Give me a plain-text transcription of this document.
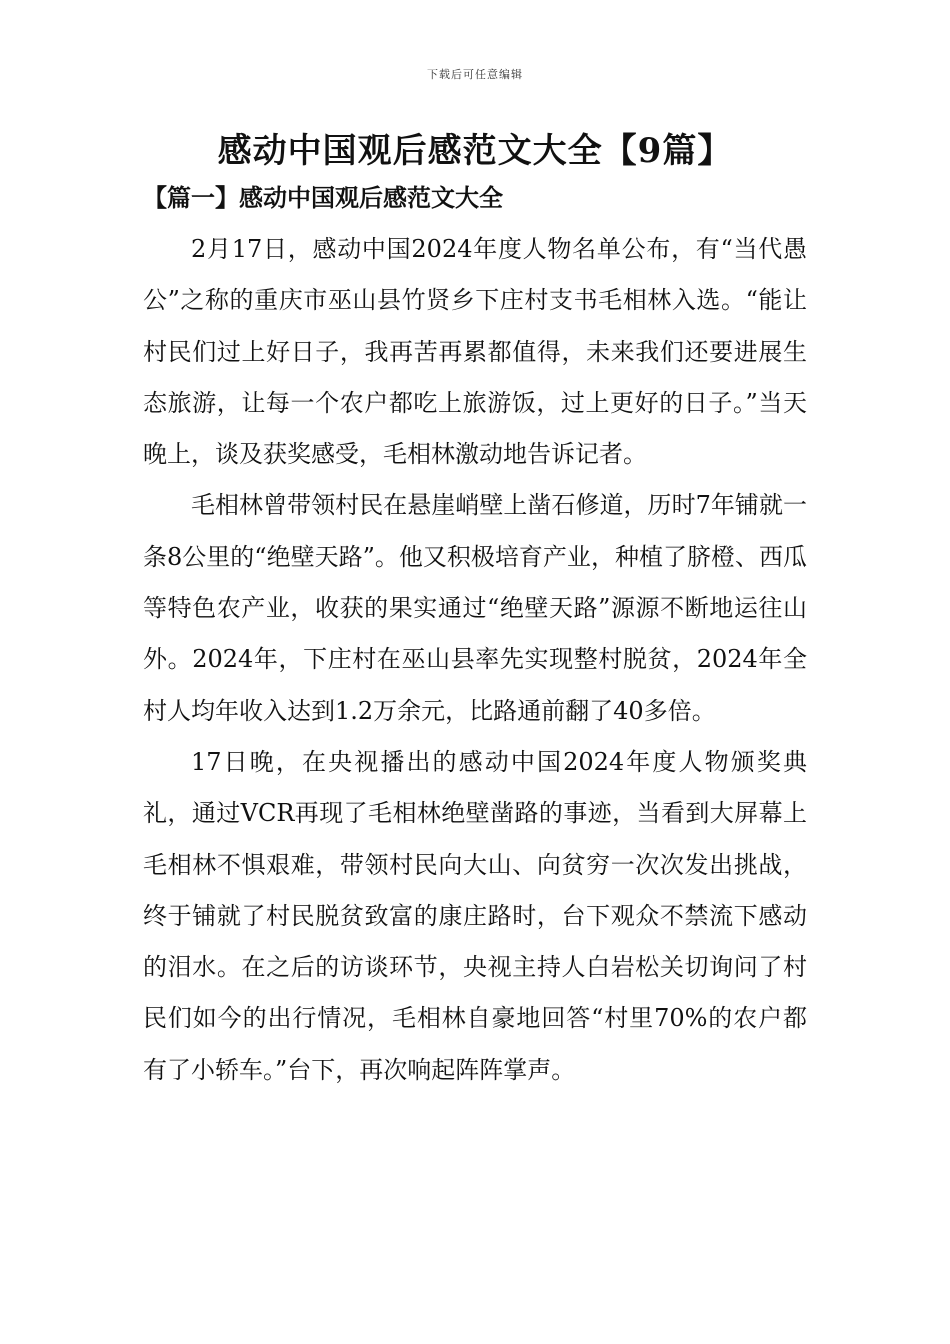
下载后可任意编辑
感动中国观后感范文大全【9篇】
【篇一】感动中国观后感范文大全

2月17日，感动中国2024年度人物名单公布，有“当代愚公”之称的重庆市巫山县竹贤乡下庄村支书毛相林入选。“能让村民们过上好日子，我再苦再累都值得，未来我们还要进展生态旅游，让每一个农户都吃上旅游饭，过上更好的日子。”当天晚上，谈及获奖感受，毛相林激动地告诉记者。

毛相林曾带领村民在悬崖峭壁上凿石修道，历时7年铺就一条8公里的“绝壁天路”。他又积极培育产业，种植了脐橙、西瓜等特色农产业，收获的果实通过“绝壁天路”源源不断地运往山外。2024年，下庄村在巫山县率先实现整村脱贫，2024年全村人均年收入达到1.2万余元，比路通前翻了40多倍。

17日晚，在央视播出的感动中国2024年度人物颁奖典礼，通过VCR再现了毛相林绝壁凿路的事迹，当看到大屏幕上毛相林不惧艰难，带领村民向大山、向贫穷一次次发出挑战，终于铺就了村民脱贫致富的康庄路时，台下观众不禁流下感动的泪水。在之后的访谈环节，央视主持人白岩松关切询问了村民们如今的出行情况，毛相林自豪地回答“村里70%的农户都有了小轿车。”台下，再次响起阵阵掌声。
